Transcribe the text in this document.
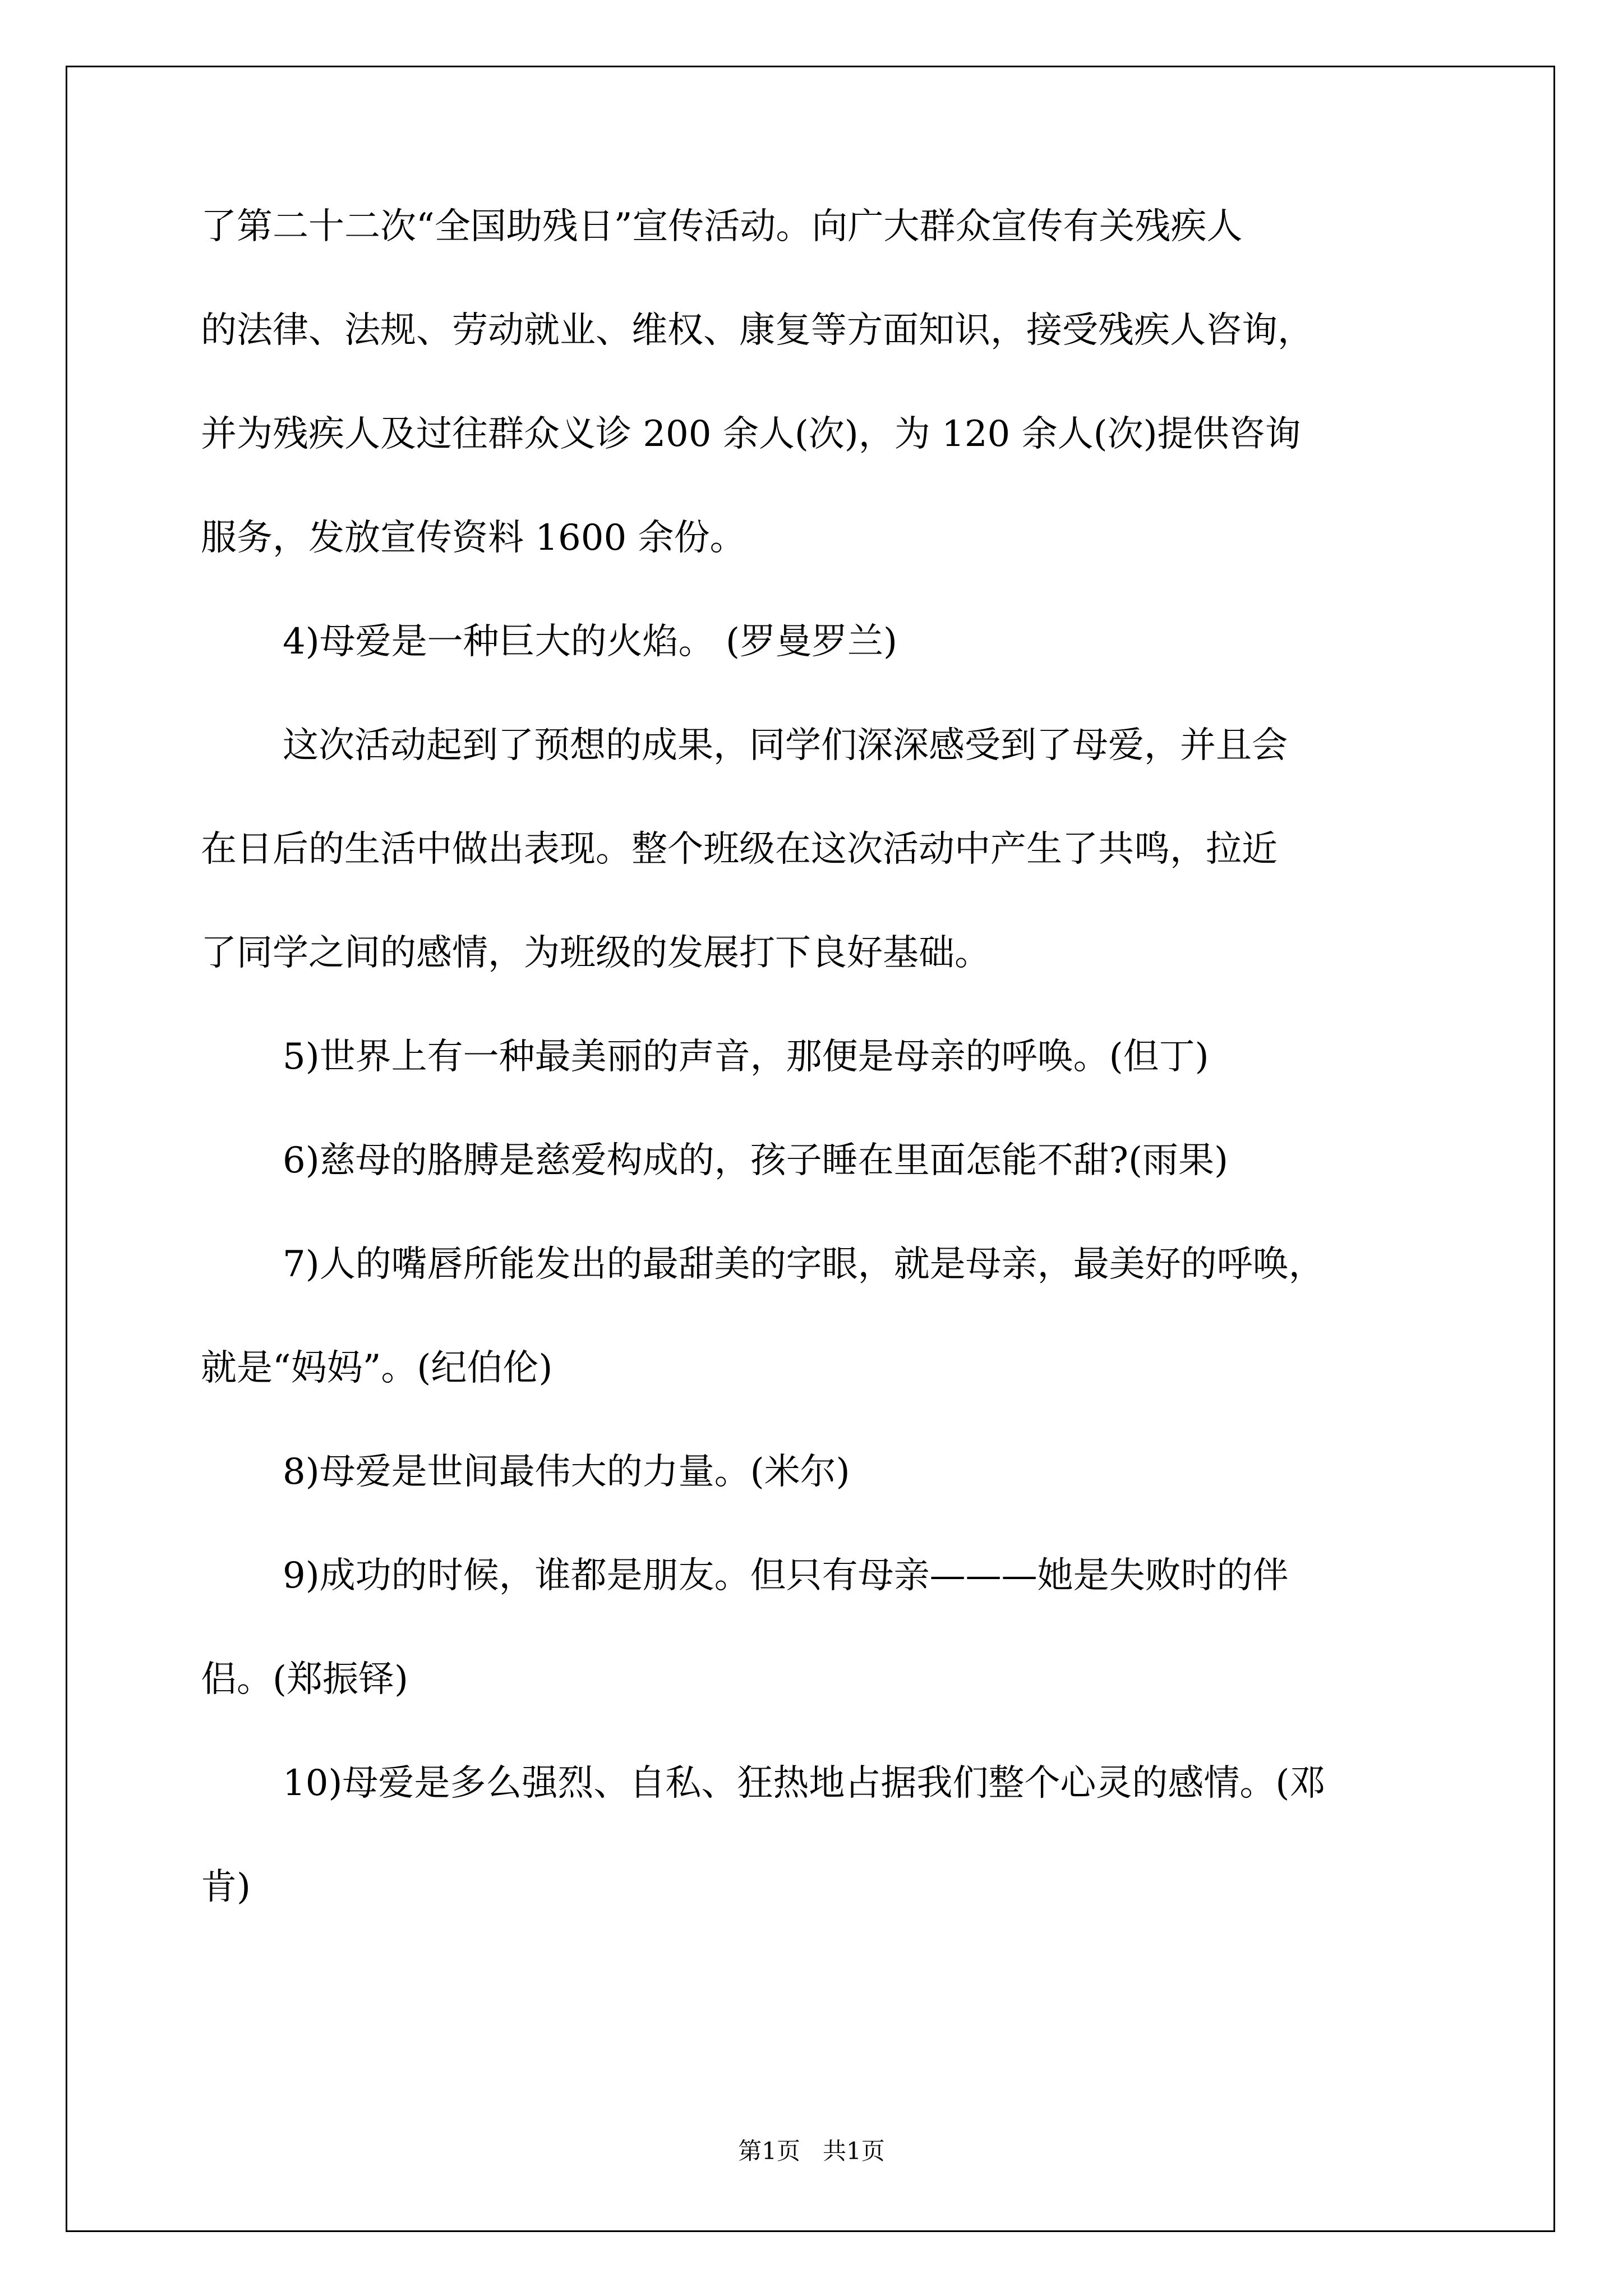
了第二十二次“全国助残日”宣传活动。向广大群众宣传有关残疾人
的法律、法规、劳动就业、维权、康复等方面知识，接受残疾人咨询，
并为残疾人及过往群众义诊 200 余人(次)，为 120 余人(次)提供咨询
服务，发放宣传资料 1600 余份。
4)母爱是一种巨大的火焰。 (罗曼罗兰)
这次活动起到了预想的成果，同学们深深感受到了母爱，并且会
在日后的生活中做出表现。整个班级在这次活动中产生了共鸣，拉近
了同学之间的感情，为班级的发展打下良好基础。
5)世界上有一种最美丽的声音，那便是母亲的呼唤。(但丁)
6)慈母的胳膊是慈爱构成的，孩子睡在里面怎能不甜?(雨果)
7)人的嘴唇所能发出的最甜美的字眼，就是母亲，最美好的呼唤，
就是“妈妈”。(纪伯伦)
8)母爱是世间最伟大的力量。(米尔)
9)成功的时候，谁都是朋友。但只有母亲———她是失败时的伴
侣。(郑振铎)
10)母爱是多么强烈、自私、狂热地占据我们整个心灵的感情。(邓
肯)
第1页   共1页
